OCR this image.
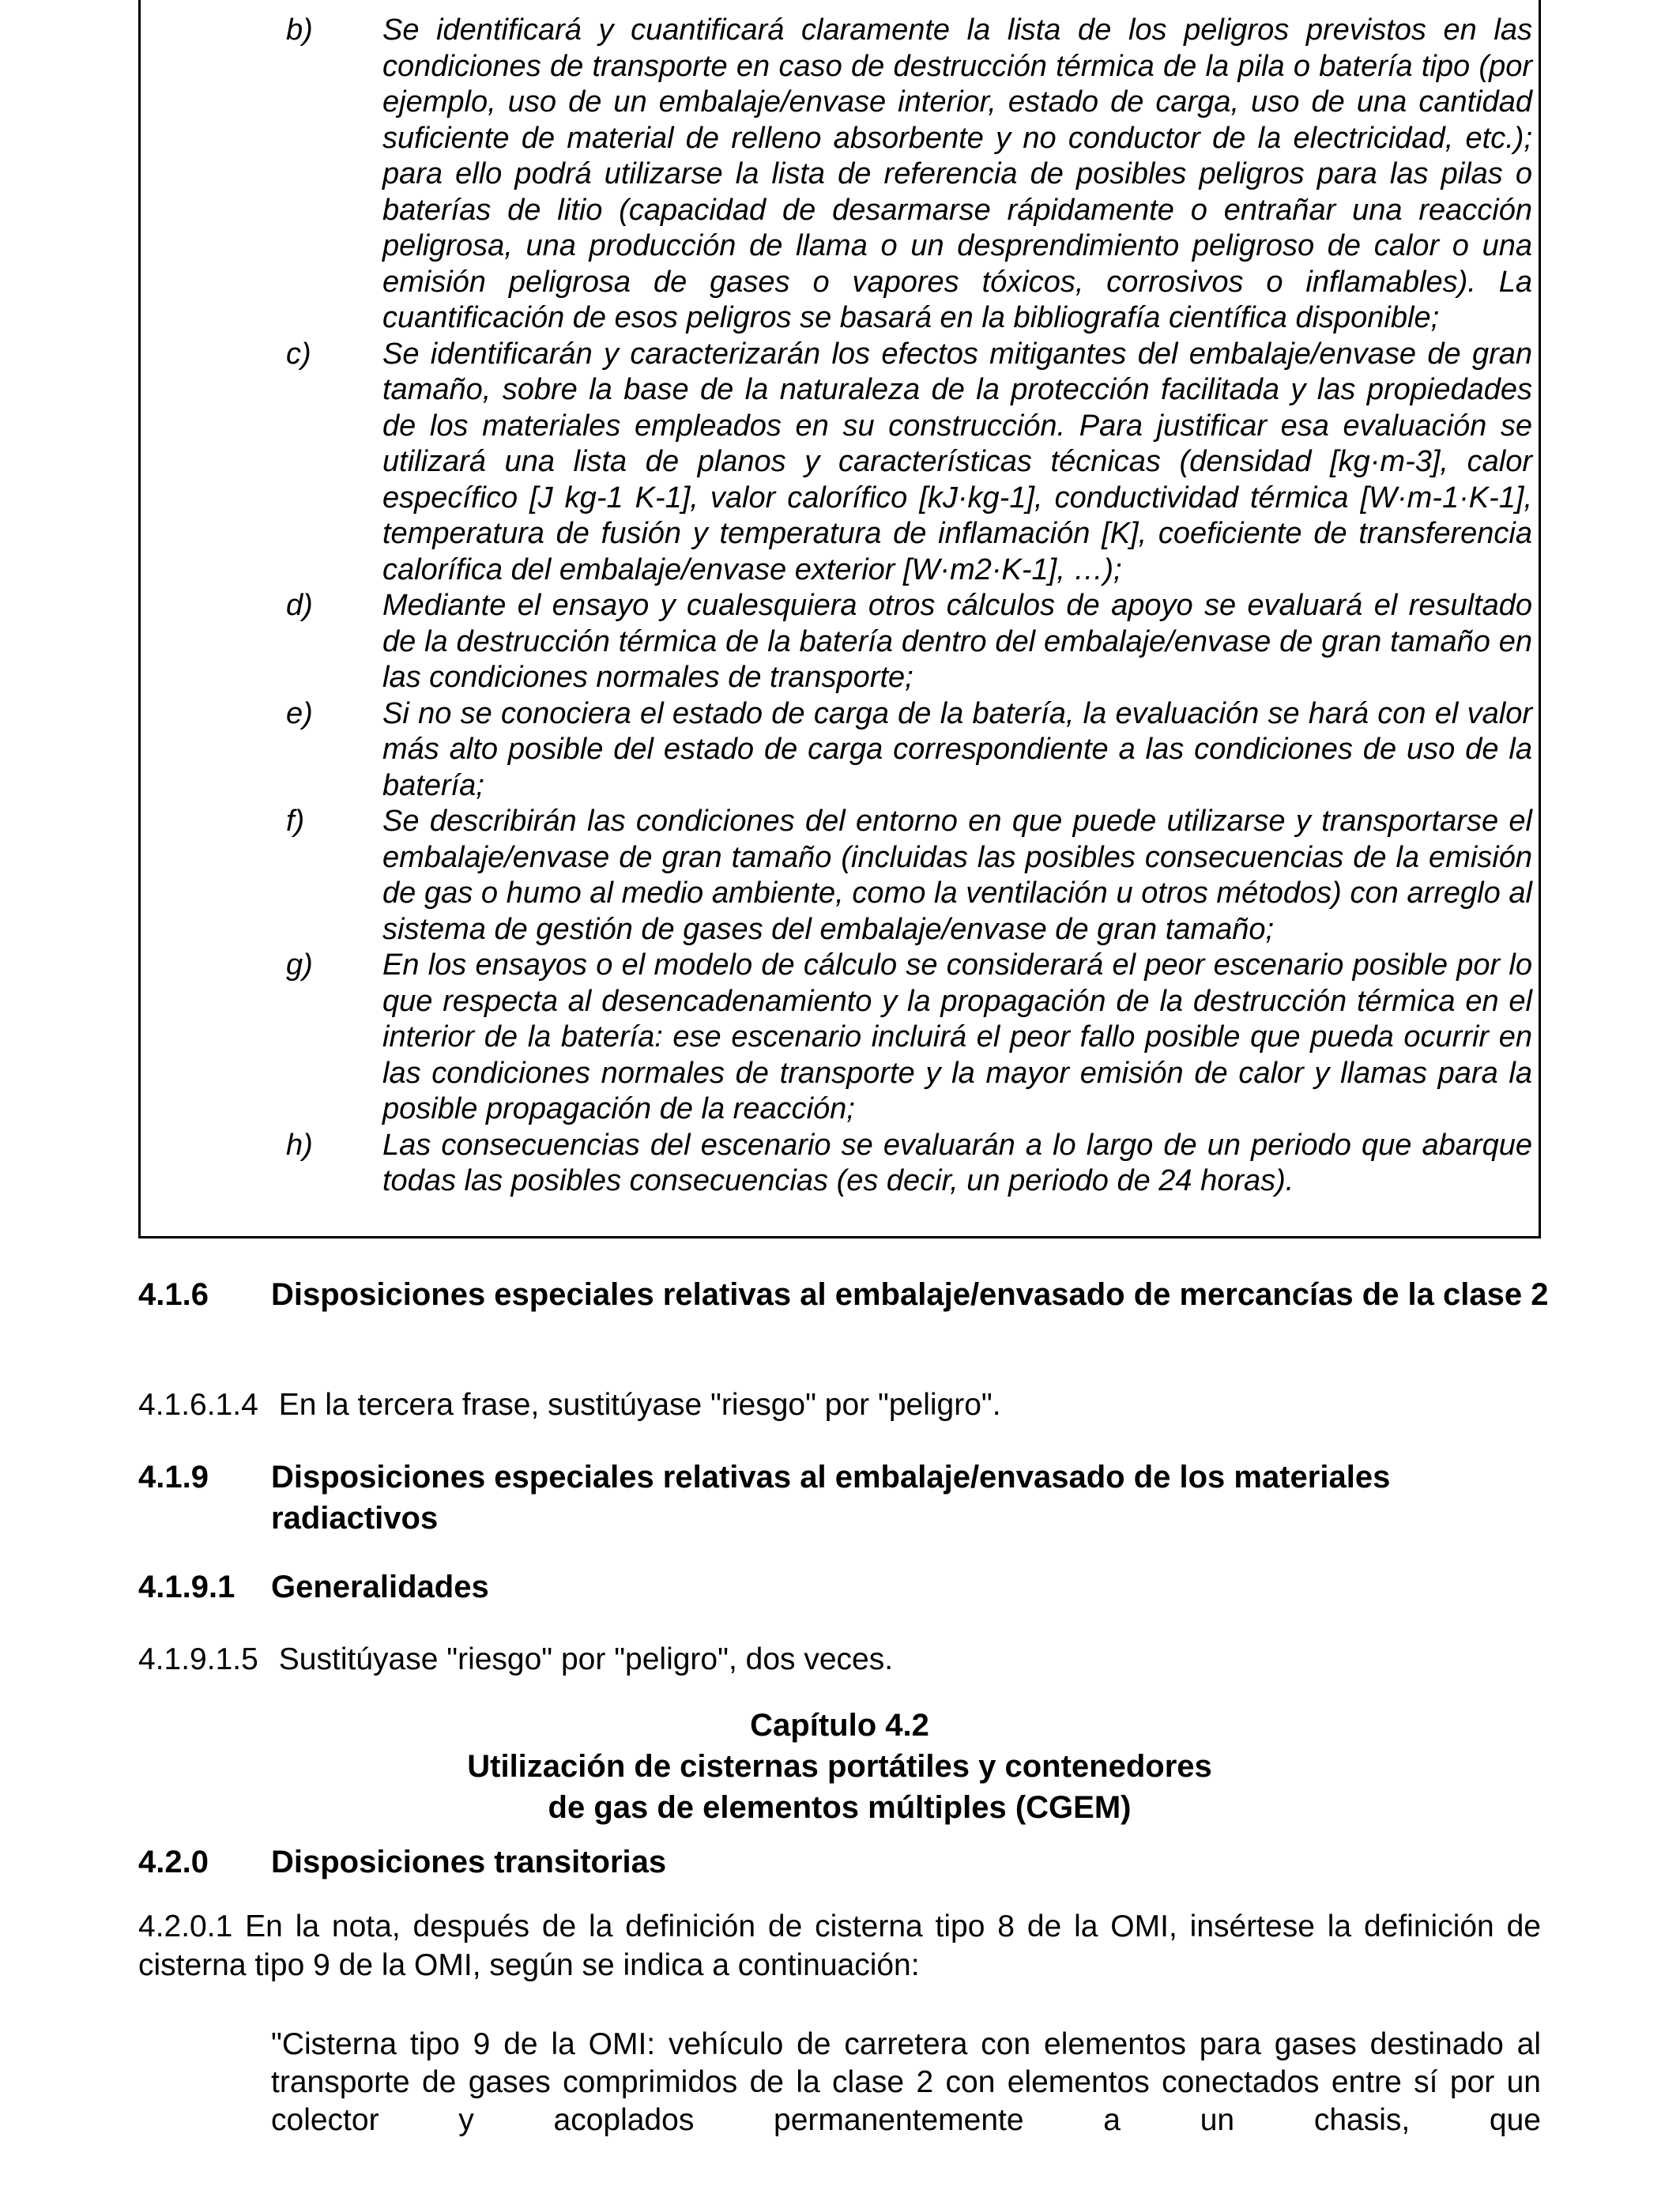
b)	Se identificará y cuantificará claramente la lista de los peligros previstos en las condiciones de transporte en caso de destrucción térmica de la pila o batería tipo (por ejemplo, uso de un embalaje/envase interior, estado de carga, uso de una cantidad suficiente de material de relleno absorbente y no conductor de la electricidad, etc.); para ello podrá utilizarse la lista de referencia de posibles peligros para las pilas o baterías de litio (capacidad de desarmarse rápidamente o entrañar una reacción peligrosa, una producción de llama o un desprendimiento peligroso de calor o una emisión peligrosa de gases o vapores tóxicos, corrosivos o inflamables). La cuantificación de esos peligros se basará en la bibliografía científica disponible;
c)	Se identificarán y caracterizarán los efectos mitigantes del embalaje/envase de gran tamaño, sobre la base de la naturaleza de la protección facilitada y las propiedades de los materiales empleados en su construcción. Para justificar esa evaluación se utilizará una lista de planos y características técnicas (densidad [kg·m-3], calor específico [J kg-1 K-1], valor calorífico [kJ·kg-1], conductividad térmica [W·m-1·K-1], temperatura de fusión y temperatura de inflamación [K], coeficiente de transferencia calorífica del embalaje/envase exterior [W·m2·K-1], …);
d)	Mediante el ensayo y cualesquiera otros cálculos de apoyo se evaluará el resultado de la destrucción térmica de la batería dentro del embalaje/envase de gran tamaño en las condiciones normales de transporte;
e)	Si no se conociera el estado de carga de la batería, la evaluación se hará con el valor más alto posible del estado de carga correspondiente a las condiciones de uso de la batería;
f)	Se describirán las condiciones del entorno en que puede utilizarse y transportarse el embalaje/envase de gran tamaño (incluidas las posibles consecuencias de la emisión de gas o humo al medio ambiente, como la ventilación u otros métodos) con arreglo al sistema de gestión de gases del embalaje/envase de gran tamaño;
g)	En los ensayos o el modelo de cálculo se considerará el peor escenario posible por lo que respecta al desencadenamiento y la propagación de la destrucción térmica en el interior de la batería: ese escenario incluirá el peor fallo posible que pueda ocurrir en las condiciones normales de transporte y la mayor emisión de calor y llamas para la posible propagación de la reacción;
h)	Las consecuencias del escenario se evaluarán a lo largo de un periodo que abarque todas las posibles consecuencias (es decir, un periodo de 24 horas).
4.1.6 Disposiciones especiales relativas al embalaje/envasado de mercancías de la clase 2
4.1.6.1.4 En la tercera frase, sustitúyase "riesgo" por "peligro".
4.1.9 Disposiciones especiales relativas al embalaje/envasado de los materiales radiactivos
4.1.9.1 Generalidades
4.1.9.1.5 Sustitúyase "riesgo" por "peligro", dos veces.
Capítulo 4.2
Utilización de cisternas portátiles y contenedores
de gas de elementos múltiples (CGEM)
4.2.0 Disposiciones transitorias
4.2.0.1 En la nota, después de la definición de cisterna tipo 8 de la OMI, insértese la definición de cisterna tipo 9 de la OMI, según se indica a continuación:
"Cisterna tipo 9 de la OMI: vehículo de carretera con elementos para gases destinado al transporte de gases comprimidos de la clase 2 con elementos conectados entre sí por un colector y acoplados permanentemente a un chasis, que
